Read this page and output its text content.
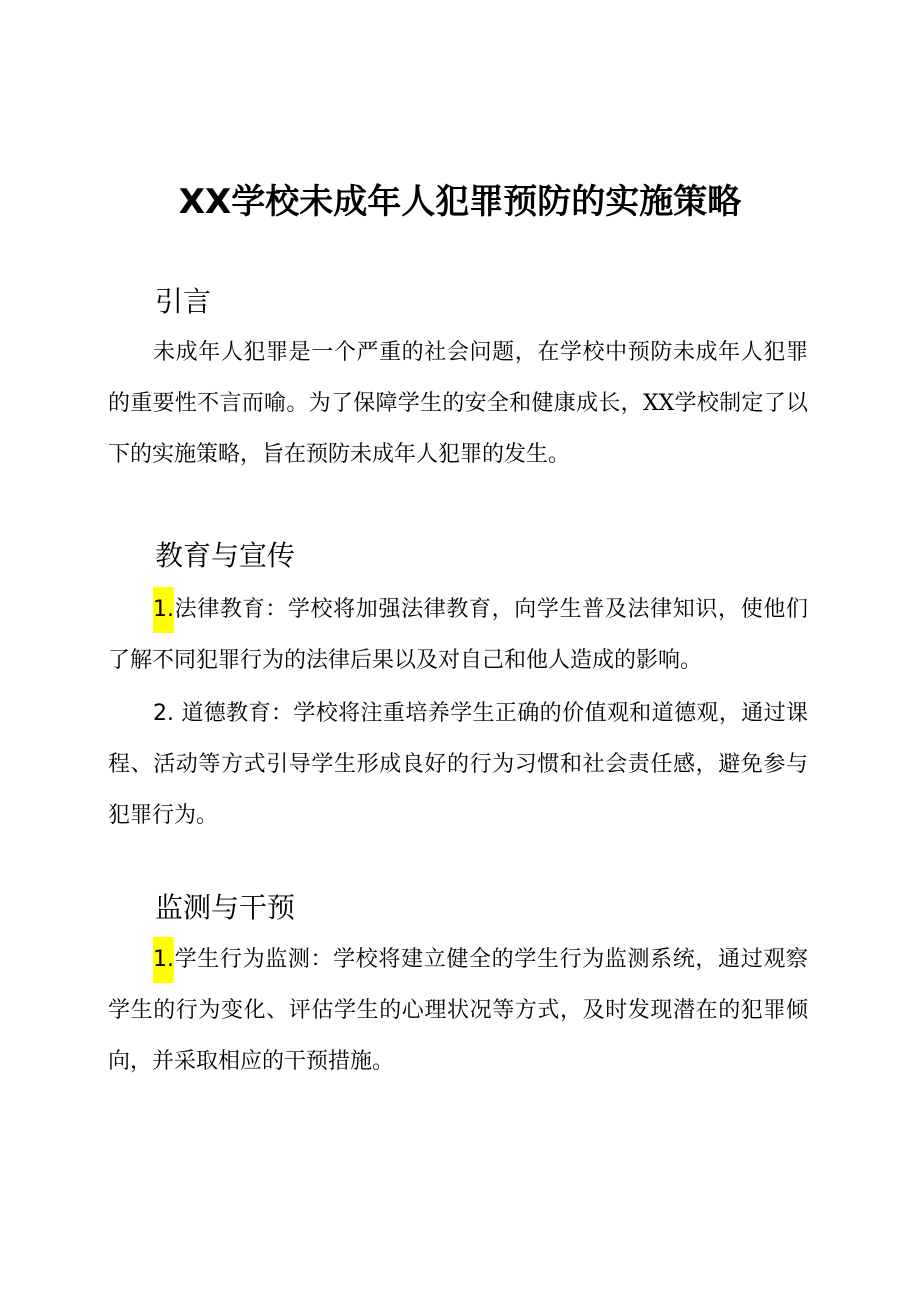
XX学校未成年人犯罪预防的实施策略
引言

未成年人犯罪是一个严重的社会问题，在学校中预防未成年人犯罪的重要性不言而喻。为了保障学生的安全和健康成长，XX学校制定了以下的实施策略，旨在预防未成年人犯罪的发生。

教育与宣传

1.法律教育：学校将加强法律教育，向学生普及法律知识，使他们了解不同犯罪行为的法律后果以及对自己和他人造成的影响。

2. 道德教育：学校将注重培养学生正确的价值观和道德观，通过课程、活动等方式引导学生形成良好的行为习惯和社会责任感，避免参与犯罪行为。

监测与干预

1.学生行为监测：学校将建立健全的学生行为监测系统，通过观察学生的行为变化、评估学生的心理状况等方式，及时发现潜在的犯罪倾向，并采取相应的干预措施。
